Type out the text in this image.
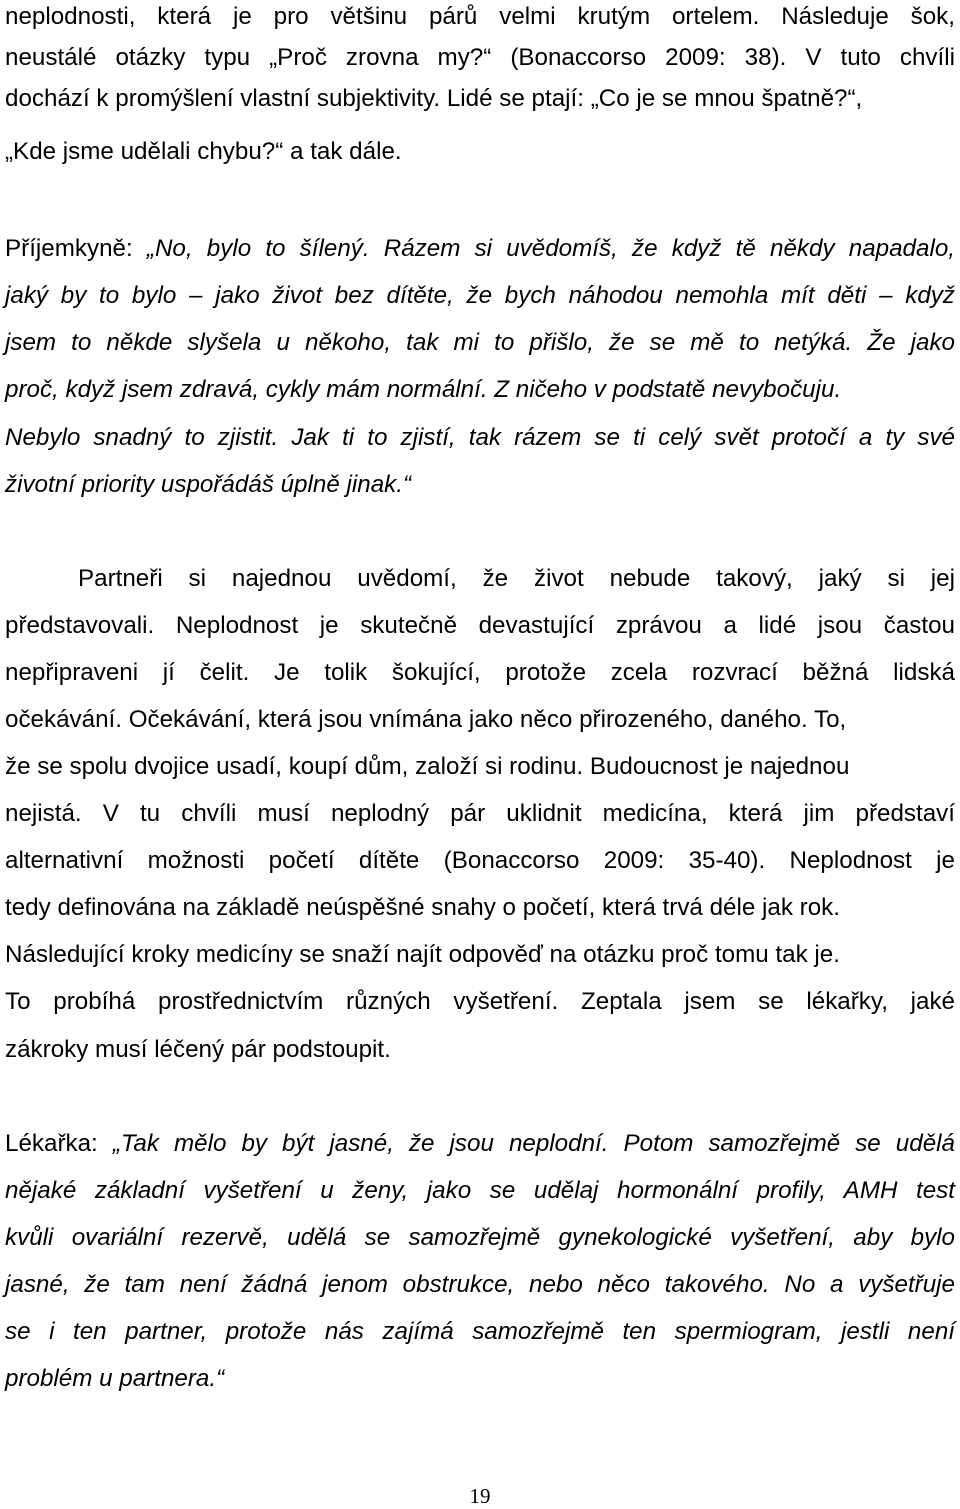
neplodnosti, která je pro většinu párů velmi krutým ortelem. Následuje šok,
neustálé otázky typu „Proč zrovna my?“ (Bonaccorso 2009: 38). V tuto chvíli
dochází k promýšlení vlastní subjektivity. Lidé se ptají: „Co je se mnou špatně?“,
„Kde jsme udělali chybu?“ a tak dále.
Příjemkyně: „No, bylo to šílený. Rázem si uvědomíš, že když tě někdy napadalo,
jaký by to bylo – jako život bez dítěte, že bych náhodou nemohla mít děti – když
jsem to někde slyšela u někoho, tak mi to přišlo, že se mě to netýká. Že jako
proč, když jsem zdravá, cykly mám normální. Z ničeho v podstatě nevybočuju.
Nebylo snadný to zjistit. Jak ti to zjistí, tak rázem se ti celý svět protočí a ty své
životní priority uspořádáš úplně jinak.“
Partneři si najednou uvědomí, že život nebude takový, jaký si jej
představovali. Neplodnost je skutečně devastující zprávou a lidé jsou častou
nepřipraveni jí čelit. Je tolik šokující, protože zcela rozvrací běžná lidská
očekávání. Očekávání, která jsou vnímána jako něco přirozeného, daného. To,
že se spolu dvojice usadí, koupí dům, založí si rodinu. Budoucnost je najednou
nejistá. V tu chvíli musí neplodný pár uklidnit medicína, která jim představí
alternativní možnosti početí dítěte (Bonaccorso 2009: 35-40). Neplodnost je
tedy definována na základě neúspěšné snahy o početí, která trvá déle jak rok.
Následující kroky medicíny se snaží najít odpověď na otázku proč tomu tak je.
To probíhá prostřednictvím různých vyšetření. Zeptala jsem se lékařky, jaké
zákroky musí léčený pár podstoupit.
Lékařka: „Tak mělo by být jasné, že jsou neplodní. Potom samozřejmě se udělá
nějaké základní vyšetření u ženy, jako se udělaj hormonální profily, AMH test
kvůli ovariální rezervě, udělá se samozřejmě gynekologické vyšetření, aby bylo
jasné, že tam není žádná jenom obstrukce, nebo něco takového. No a vyšetřuje
se i ten partner, protože nás zajímá samozřejmě ten spermiogram, jestli není
problém u partnera.“
19
